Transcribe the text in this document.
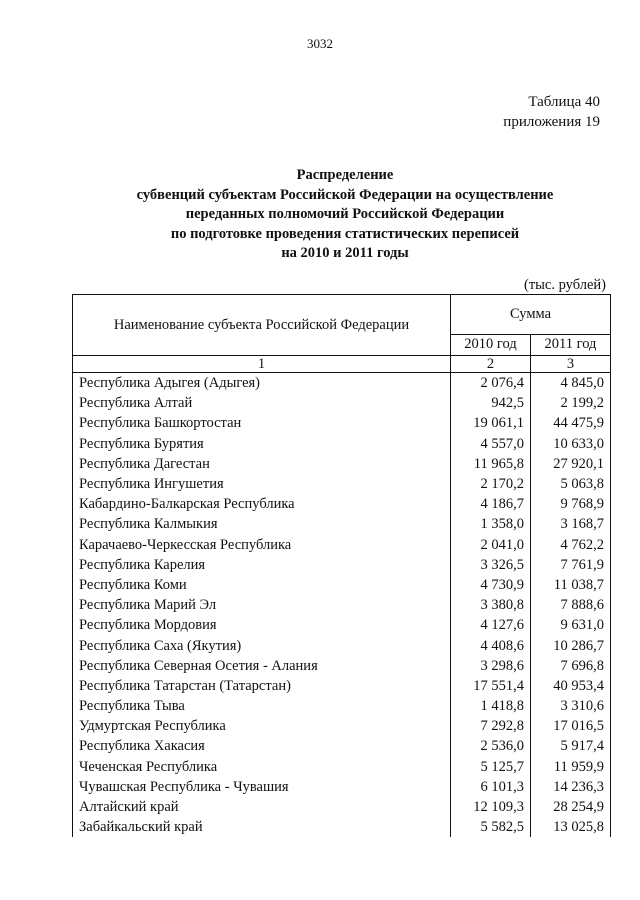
3032
Таблица 40
приложения 19
Распределение
субвенций субъектам Российской Федерации на осуществление
переданных полномочий Российской Федерации
по подготовке проведения статистических переписей
на 2010 и 2011 годы
(тыс. рублей)
Наименование субъекта Российской Федерации	Сумма	
	2010 год	2011 год
1	2	3
Республика Адыгея (Адыгея)	2 076,4	4 845,0
Республика Алтай	942,5	2 199,2
Республика Башкортостан	19 061,1	44 475,9
Республика Бурятия	4 557,0	10 633,0
Республика Дагестан	11 965,8	27 920,1
Республика Ингушетия	2 170,2	5 063,8
Кабардино-Балкарская Республика	4 186,7	9 768,9
Республика Калмыкия	1 358,0	3 168,7
Карачаево-Черкесская Республика	2 041,0	4 762,2
Республика Карелия	3 326,5	7 761,9
Республика Коми	4 730,9	11 038,7
Республика Марий Эл	3 380,8	7 888,6
Республика Мордовия	4 127,6	9 631,0
Республика Саха (Якутия)	4 408,6	10 286,7
Республика Северная Осетия - Алания	3 298,6	7 696,8
Республика Татарстан (Татарстан)	17 551,4	40 953,4
Республика Тыва	1 418,8	3 310,6
Удмуртская Республика	7 292,8	17 016,5
Республика Хакасия	2 536,0	5 917,4
Чеченская Республика	5 125,7	11 959,9
Чувашская Республика - Чувашия	6 101,3	14 236,3
Алтайский край	12 109,3	28 254,9
Забайкальский край	5 582,5	13 025,8
